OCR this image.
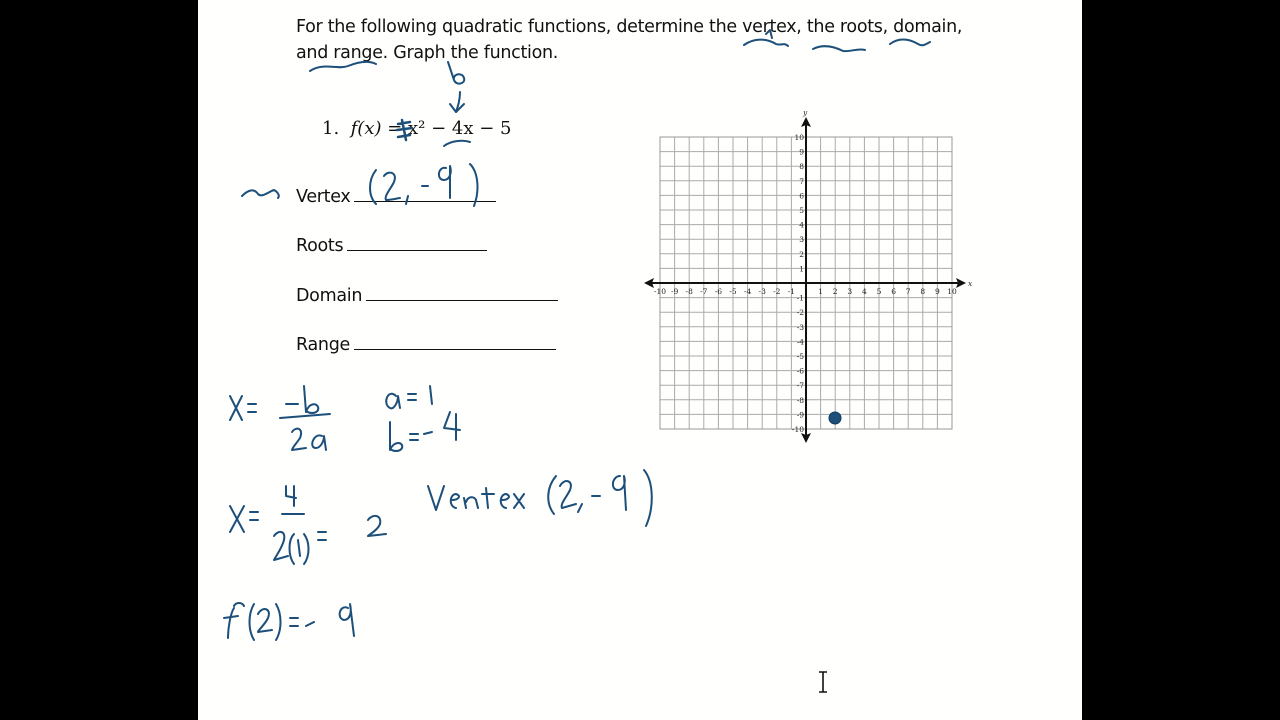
For the following quadratic functions, determine the vertex, the roots, domain, and range. Graph the function.
1. f(x) = x² − 4x − 5
Vertex
Roots
Domain
Range
x
y
-10 -9 -8 -7 -6 -5 -4 -3 -2 -1	1 2 3 4 5 6 7 8 9 10
10
9
8
7
6
5
4
3
2
1
-1
-2
-3
-4
-5
-6
-7
-8
-9
-10
